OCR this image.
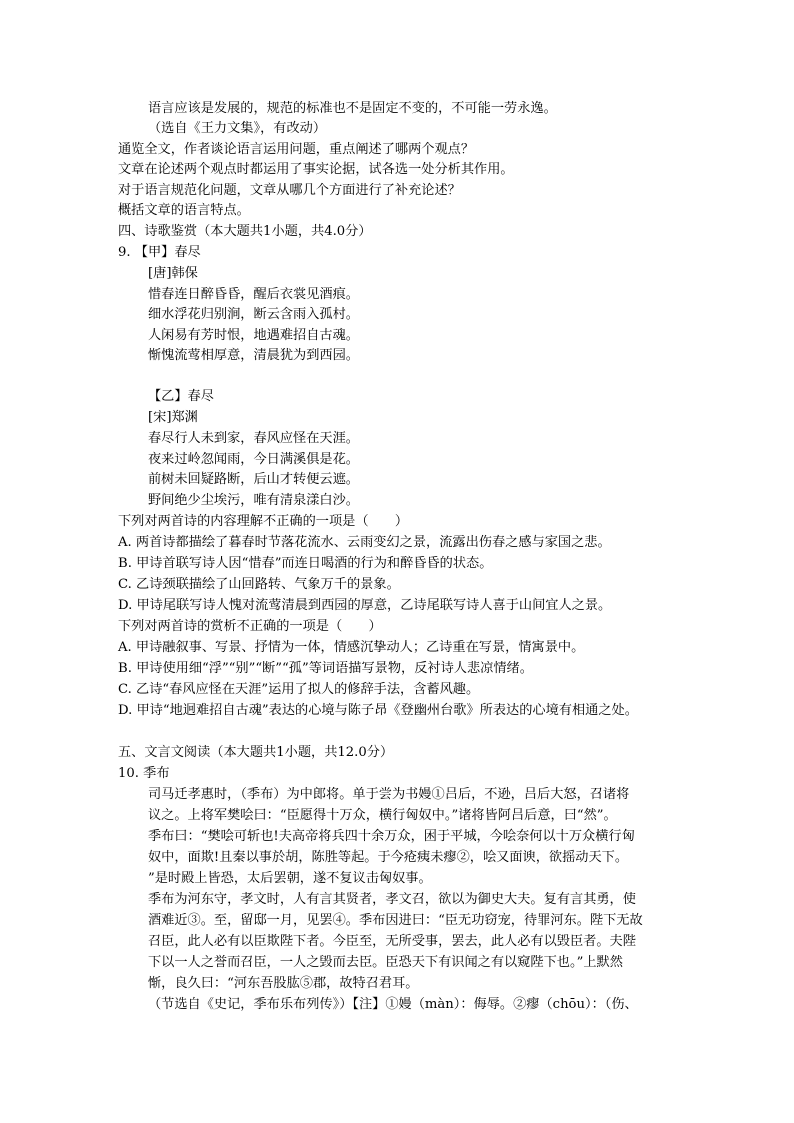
语言应该是发展的，规范的标准也不是固定不变的，不可能一劳永逸。
（选自《王力文集》，有改动）
通览全文，作者谈论语言运用问题，重点阐述了哪两个观点？
文章在论述两个观点时都运用了事实论据，试各选一处分析其作用。
对于语言规范化问题，文章从哪几个方面进行了补充论述？
概括文章的语言特点。
四、诗歌鉴赏（本大题共1小题，共4.0分）
9. 【甲】春尽
[唐]韩保
惜春连日醉昏昏，醒后衣裳见酒痕。
细水浮花归别涧，断云含雨入孤村。
人闲易有芳时恨，地遇难招自古魂。
惭愧流莺相厚意，清晨犹为到西园。
【乙】春尽
[宋]郑渊
春尽行人未到家，春风应怪在天涯。
夜来过岭忽闻雨，今日满溪俱是花。
前树未回疑路断，后山才转便云遮。
野间绝少尘埃污，唯有清泉漾白沙。
下列对两首诗的内容理解不正确的一项是（　　）
A. 两首诗都描绘了暮春时节落花流水、云雨变幻之景，流露出伤春之感与家国之悲。
B. 甲诗首联写诗人因“惜春”而连日喝酒的行为和醉昏昏的状态。
C. 乙诗颈联描绘了山回路转、气象万千的景象。
D. 甲诗尾联写诗人愧对流莺清晨到西园的厚意，乙诗尾联写诗人喜于山间宜人之景。
下列对两首诗的赏析不正确的一项是（　　）
A. 甲诗融叙事、写景、抒情为一体，情感沉挚动人；乙诗重在写景，情寓景中。
B. 甲诗使用细“浮”“别”“断”“孤”等词语描写景物，反衬诗人悲凉情绪。
C. 乙诗“春风应怪在天涯”运用了拟人的修辞手法，含蓄风趣。
D. 甲诗“地迥难招自古魂”表达的心境与陈子昂《登幽州台歌》所表达的心境有相通之处。
五、文言文阅读（本大题共1小题，共12.0分）
10. 季布
司马迁孝惠时，（季布）为中郎将。单于尝为书嫚①吕后，不逊，吕后大怒，召诸将
议之。上将军樊哙曰：“臣愿得十万众，横行匈奴中。”诸将皆阿吕后意，曰“然”。
季布曰：“樊哙可斩也!夫高帝将兵四十余万众，困于平城，今哙奈何以十万众横行匈
奴中，面欺!且秦以事於胡，陈胜等起。于今疮痍未瘳②，哙又面谀，欲摇动天下。
”是时殿上皆恐，太后罢朝，遂不复议击匈奴事。
季布为河东守，孝文时，人有言其贤者，孝文召，欲以为御史大夫。复有言其勇，使
酒难近③。至，留邸一月，见罢④。季布因进曰：“臣无功窃宠，待罪河东。陛下无故
召臣，此人必有以臣欺陛下者。今臣至，无所受事，罢去，此人必有以毁臣者。夫陛
下以一人之誉而召臣，一人之毁而去臣。臣恐天下有识闻之有以窥陛下也。”上默然
惭，良久曰：“河东吾股肱⑤郡，故特召君耳。
（节选自《史记，季布乐布列传》）【注】①嫚（màn）：侮辱。②瘳（chōu）：（伤、
